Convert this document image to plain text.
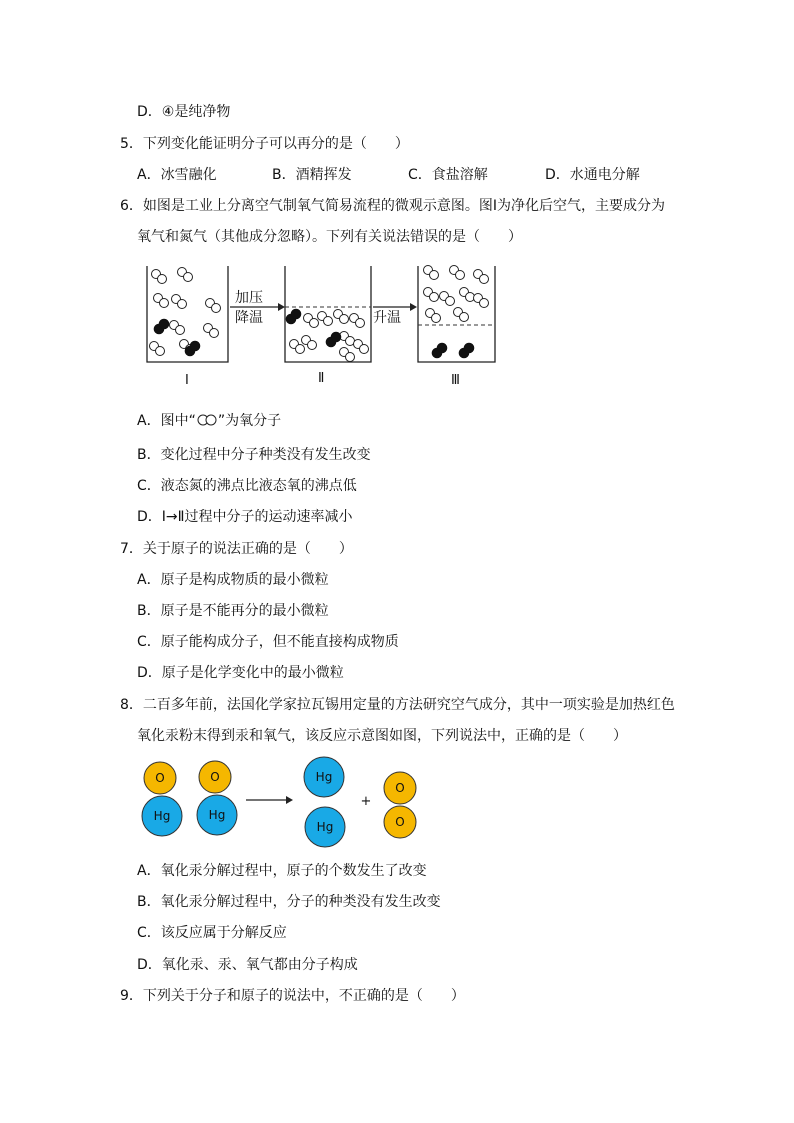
D．④是纯净物
5．下列变化能证明分子可以再分的是（　　）
A．冰雪融化	B．酒精挥发	C．食盐溶解	D．水通电分解
6．如图是工业上分离空气制氧气简易流程的微观示意图。图Ⅰ为净化后空气，主要成分为
氧气和氮气（其他成分忽略）。下列有关说法错误的是（　　）
加压
降温	升温
Ⅰ	Ⅱ	Ⅲ
A．图中“ ”为氧分子
B．变化过程中分子种类没有发生改变
C．液态氮的沸点比液态氧的沸点低
D．Ⅰ→Ⅱ过程中分子的运动速率减小
7．关于原子的说法正确的是（　　）
A．原子是构成物质的最小微粒
B．原子是不能再分的最小微粒
C．原子能构成分子，但不能直接构成物质
D．原子是化学变化中的最小微粒
8．二百多年前，法国化学家拉瓦锡用定量的方法研究空气成分，其中一项实验是加热红色
氧化汞粉末得到汞和氧气，该反应示意图如图，下列说法中，正确的是（　　）
O
Hg
O
Hg
Hg
Hg
O
O
+
A．氧化汞分解过程中，原子的个数发生了改变
B．氧化汞分解过程中，分子的种类没有发生改变
C．该反应属于分解反应
D．氧化汞、汞、氧气都由分子构成
9．下列关于分子和原子的说法中，不正确的是（　　）
